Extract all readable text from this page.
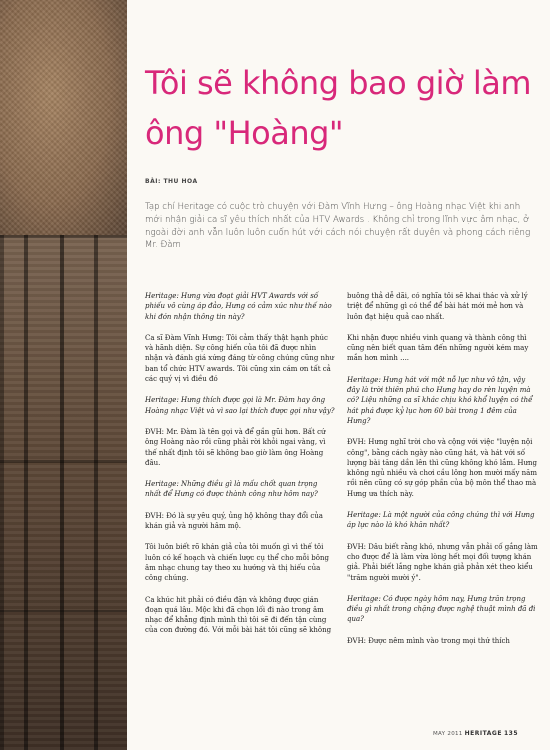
Tôi sẽ không bao giờ làm ông "Hoàng"
BÀI: THU HOA

Tạp chí Heritage có cuộc trò chuyện với Đàm Vĩnh Hưng – ông Hoàng nhạc Việt khi anh mới nhận giải ca sĩ yêu thích nhất của HTV Awards . Không chỉ trong lĩnh vực âm nhạc, ở ngoài đời anh vẫn luôn luôn cuốn hút với cách nói chuyện rất duyên và phong cách riêng Mr. Đàm

Heritage: Hưng vừa đoạt giải HVT Awards với số phiếu vô cùng áp đảo, Hưng có cảm xúc như thế nào khi đón nhận thông tin này?

Ca sĩ Đàm Vĩnh Hưng: Tôi cảm thấy thật hạnh phúc và hãnh diện. Sự công hiến của tôi đã được nhìn nhận và đánh giá xứng đáng từ công chúng cũng như ban tổ chức HTV awards. Tôi cũng xin cám ơn tất cả các quý vị vì điều đó

Heritage: Hưng thích được gọi là Mr. Đàm hay ông Hoàng nhạc Việt và vì sao lại thích được gọi như vậy?

ĐVH: Mr. Đàm là tên gọi và để gần gũi hơn. Bất cứ ông Hoàng nào rồi cũng phải rời khỏi ngai vàng, vì thế nhất định tôi sẽ không bao giờ làm ông Hoàng đâu.

Heritage: Những điều gì là mấu chốt quan trọng nhất để Hưng có được thành công như hôm nay?

ĐVH: Đó là sự yêu quý, ủng hộ không thay đổi của khán giả và người hâm mộ.

Tôi luôn biết rõ khán giả của tôi muốn gì vì thế tôi luôn có kế hoạch và chiến lược cụ thể cho mỗi bông âm nhạc chung tay theo xu hướng và thị hiếu của công chúng.

Ca khúc hit phải có điều đặn và không được gián đoạn quá lâu. Mộc khi đã chọn lối đi nào trong âm nhạc để khẳng định mình thì tôi sẽ đi đến tận cùng của con đường đó. Với mỗi bài hát tôi cũng sẽ không

buông thả dễ dãi, có nghĩa tôi sẽ khai thác và xử lý triệt để những gì có thể để bài hát mới mẻ hơn và luôn đạt hiệu quả cao nhất.

Khi nhận được nhiều vinh quang và thành công thì cũng nên biết quan tâm đến những người kém may mắn hơn mình ....

Heritage: Hưng hát với một nỗ lực như vô tận, vậy đây là trời thiên phú cho Hưng hay do rèn luyện mà có? Liệu những ca sĩ khác chịu khó khổ luyện có thể hát phá được kỷ lục hơn 60 bài trong 1 đêm của Hưng?

ĐVH: Hưng nghĩ trời cho và cộng với việc "luyện nội công", bằng cách ngày nào cũng hát, và hát với số lượng bài tăng dần lên thì cũng không khó lắm. Hưng không ngủ nhiều và chơi cầu lông hơn mười mấy năm rồi nên cũng có sự góp phần của bộ môn thể thao mà Hưng ưa thích này.

Heritage: Là một người của công chúng thì với Hưng áp lực nào là khó khăn nhất?

ĐVH: Dâu biết rằng khó, nhưng vẫn phải cố gắng làm cho được để là làm vừa lòng hết mọi đối tượng khán giả. Phải biết lắng nghe khán giả phản xét theo kiểu "trăm người mười ý".

Heritage: Có được ngày hôm nay, Hưng trăn trọng điều gì nhất trong chặng được nghệ thuật mình đã đi qua?

ĐVH: Được nêm mình vào trong mọi thứ thích

MAY 2011 HERITAGE 135
